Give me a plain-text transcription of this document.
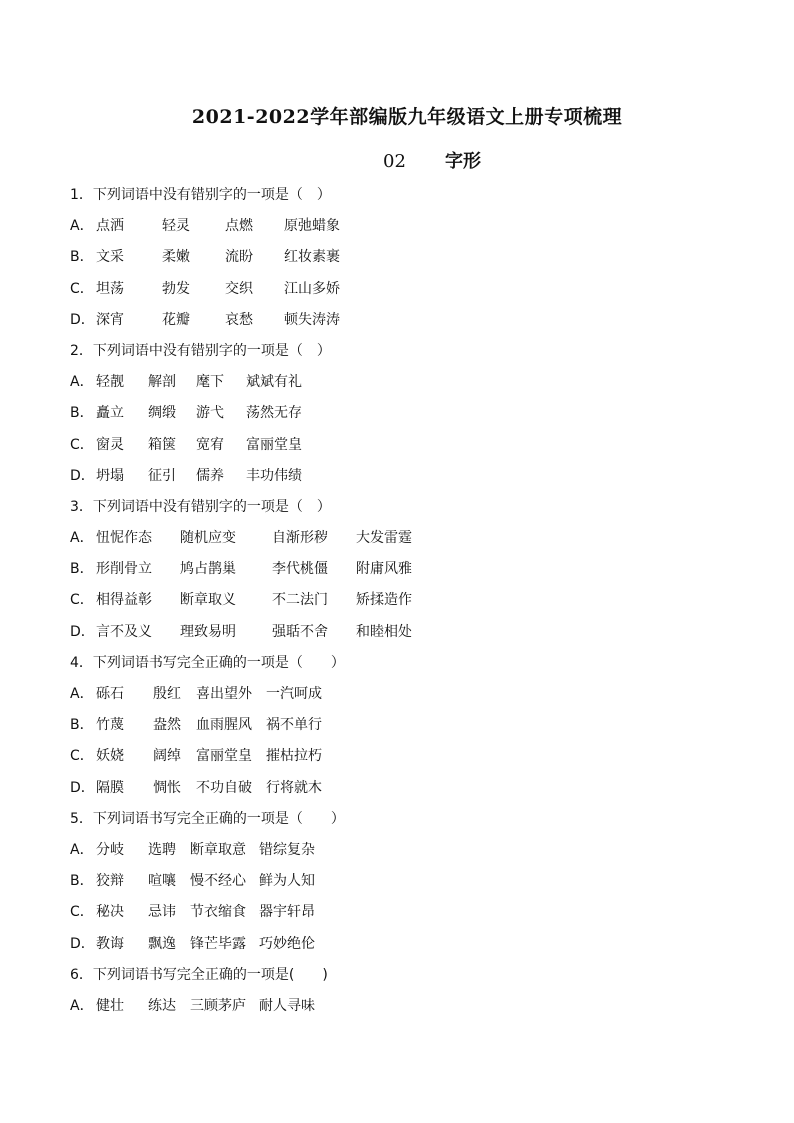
2021-2022学年部编版九年级语文上册专项梳理
02 字形
1．下列词语中没有错别字的一项是（　）
A． 点洒	轻灵	点燃 原弛蜡象
B． 文采	柔嫩	流盼 红妆素裹
C． 坦荡	勃发	交织 江山多娇
D．深宵	花瓣	哀愁 顿失涛涛
2．下列词语中没有错别字的一项是（　）
A． 轻靓 解剖 麾下 斌斌有礼
B． 矗立 绸缎 游弋 荡然无存
C． 窗灵 箱箧 宽宥 富丽堂皇
D．坍塌 征引 儒养 丰功伟绩
3．下列词语中没有错别字的一项是（　）
A． 忸怩作态 随机应变	自渐形秽 大发雷霆
B． 形削骨立 鸠占鹊巢	李代桃僵 附庸风雅
C． 相得益彰 断章取义	不二法门 矫揉造作
D．言不及义 理致易明	强聒不舍 和睦相处
4．下列词语书写完全正确的一项是（　　）
A． 砾石 殷红 喜出望外 一汽呵成
B． 竹蔑 盎然 血雨腥风 祸不单行
C． 妖娆 阔绰 富丽堂皇 摧枯拉朽
D．隔膜 惆怅 不功自破 行将就木
5．下列词语书写完全正确的一项是（　　）
A． 分岐 选聘 断章取意 错综复杂
B． 狡辩 喧嚷 慢不经心 鲜为人知
C． 秘决 忌讳 节衣缩食 器宇轩昂
D．教诲 飘逸 锋芒毕露 巧妙绝伦
6．下列词语书写完全正确的一项是(　　)
A． 健壮 练达 三顾茅庐 耐人寻味
